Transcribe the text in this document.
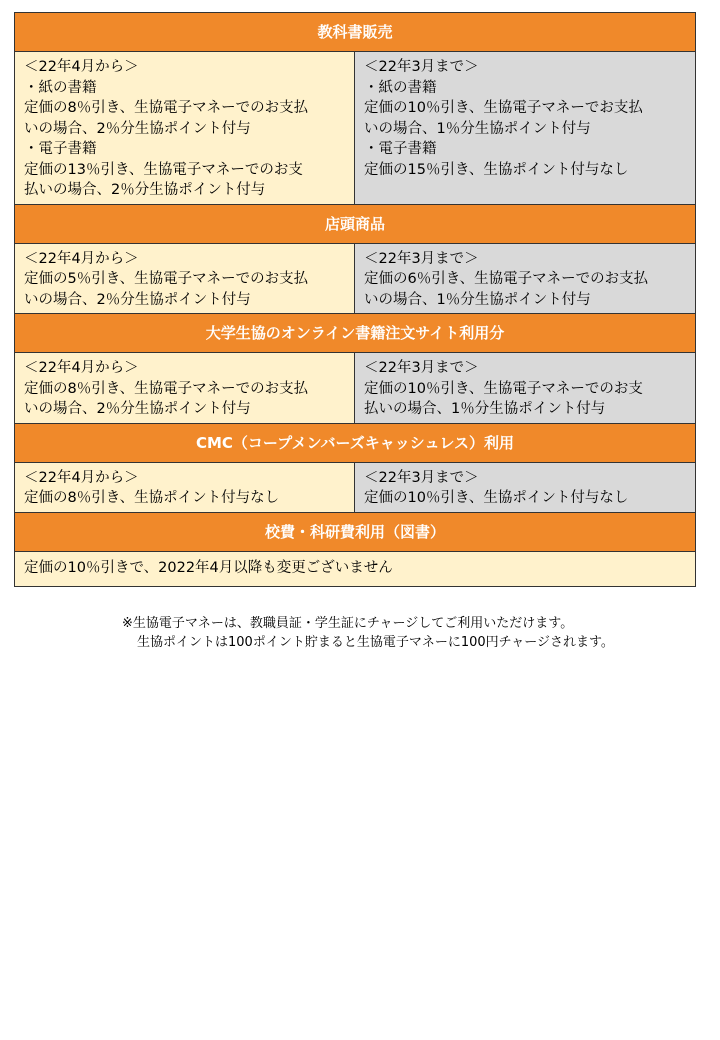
教科書販売
＜22年4月から＞
・紙の書籍
定価の8％引き、生協電子マネーでのお支払
いの場合、2％分生協ポイント付与
・電子書籍
定価の13％引き、生協電子マネーでのお支
払いの場合、2％分生協ポイント付与
＜22年3月まで＞
・紙の書籍
定価の10％引き、生協電子マネーでお支払
いの場合、1％分生協ポイント付与
・電子書籍
定価の15％引き、生協ポイント付与なし
店頭商品
＜22年4月から＞
定価の5％引き、生協電子マネーでのお支払
いの場合、2％分生協ポイント付与
＜22年3月まで＞
定価の6％引き、生協電子マネーでのお支払
いの場合、1％分生協ポイント付与
大学生協のオンライン書籍注文サイト利用分
＜22年4月から＞
定価の8％引き、生協電子マネーでのお支払
いの場合、2％分生協ポイント付与
＜22年3月まで＞
定価の10％引き、生協電子マネーでのお支
払いの場合、1％分生協ポイント付与
CMC（コープメンバーズキャッシュレス）利用
＜22年4月から＞
定価の8％引き、生協ポイント付与なし
＜22年3月まで＞
定価の10％引き、生協ポイント付与なし
校費・科研費利用（図書）
定価の10％引きで、2022年4月以降も変更ございません
※生協電子マネーは、教職員証・学生証にチャージしてご利用いただけます。
生協ポイントは100ポイント貯まると生協電子マネーに100円チャージされます。
